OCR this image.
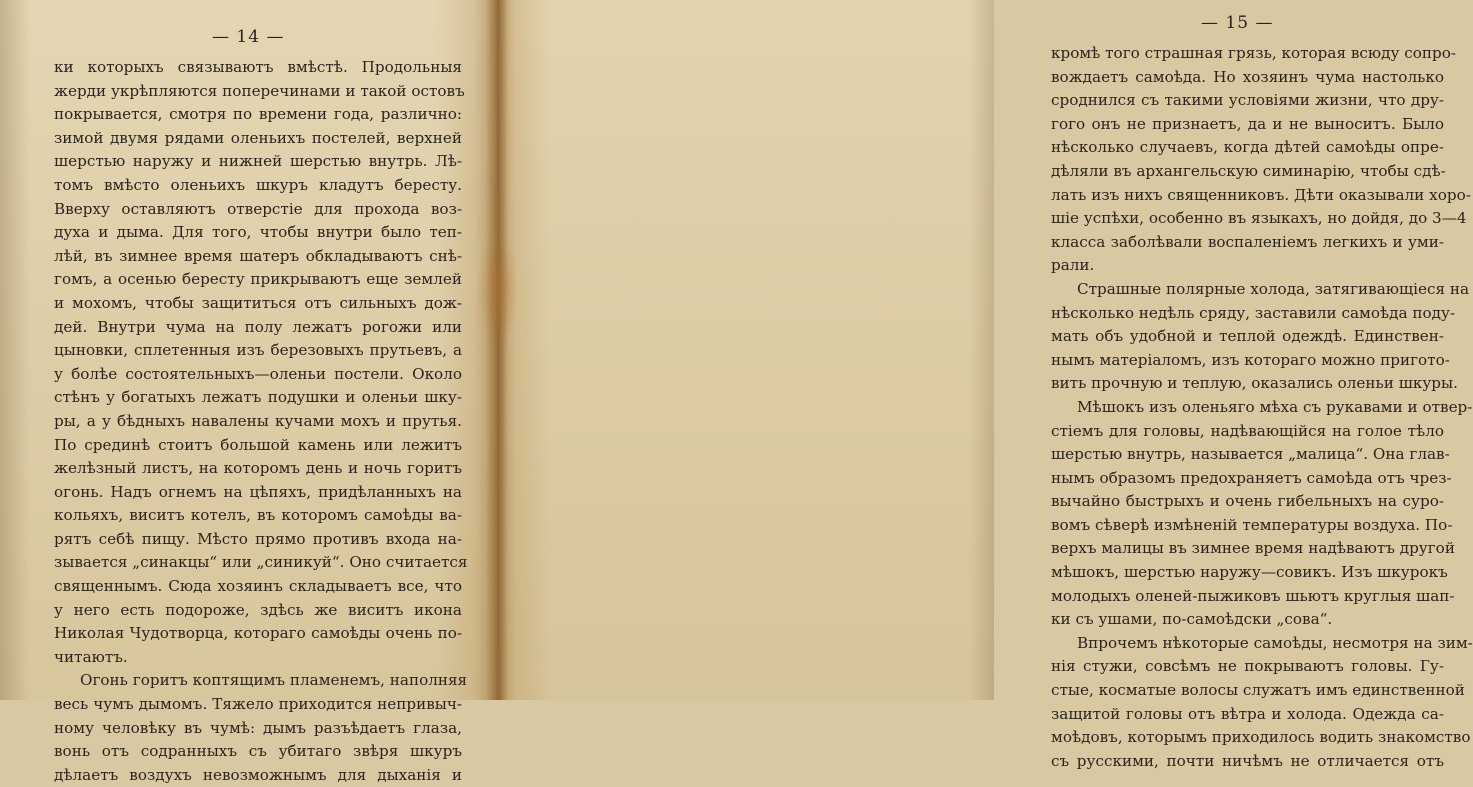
— 14 —
ки которыхъ связываютъ вмѣстѣ. Продольныя
жерди укрѣпляются поперечинами и такой остовъ
покрывается, смотря по времени года, различно:
зимой двумя рядами оленьихъ постелей, верхней
шерстью наружу и нижней шерстью внутрь. Лѣ-
томъ вмѣсто оленьихъ шкуръ кладутъ бересту.
Вверху оставляютъ отверстіе для прохода воз-
духа и дыма. Для того, чтобы внутри было теп-
лѣй, въ зимнее время шатеръ обкладываютъ снѣ-
гомъ, а осенью бересту прикрываютъ еще землей
и мохомъ, чтобы защититься отъ сильныхъ дож-
дей. Внутри чума на полу лежатъ рогожи или
цыновки, сплетенныя изъ березовыхъ прутьевъ, а
у болѣе состоятельныхъ—оленьи постели. Около
стѣнъ у богатыхъ лежатъ подушки и оленьи шку-
ры, а у бѣдныхъ навалены кучами мохъ и прутья.
По срединѣ стоитъ большой камень или лежитъ
желѣзный листъ, на которомъ день и ночь горитъ
огонь. Надъ огнемъ на цѣпяхъ, придѣланныхъ на
кольяхъ, виситъ котелъ, въ которомъ самоѣды ва-
рятъ себѣ пищу. Мѣсто прямо противъ входа на-
зывается „синакцы“ или „синикуй“. Оно считается
священнымъ. Сюда хозяинъ складываетъ все, что
у него есть подороже, здѣсь же виситъ икона
Николая Чудотворца, котораго самоѣды очень по-
читаютъ.
Огонь горитъ коптящимъ пламенемъ, наполняя
весь чумъ дымомъ. Тяжело приходится непривыч-
ному человѣку въ чумѣ: дымъ разъѣдаетъ глаза,
вонь отъ содранныхъ съ убитаго звѣря шкуръ
дѣлаетъ воздухъ невозможнымъ для дыханія и
— 15 —
кромѣ того страшная грязь, которая всюду сопро-
вождаетъ самоѣда. Но хозяинъ чума настолько
сроднился съ такими условіями жизни, что дру-
гого онъ не признаетъ, да и не выноситъ. Было
нѣсколько случаевъ, когда дѣтей самоѣды опре-
дѣляли въ архангельскую симинарію, чтобы сдѣ-
лать изъ нихъ священниковъ. Дѣти оказывали хоро-
шіе успѣхи, особенно въ языкахъ, но дойдя, до 3—4
класса заболѣвали воспаленіемъ легкихъ и уми-
рали.
Страшные полярные холода, затягивающіеся на
нѣсколько недѣль сряду, заставили самоѣда поду-
мать объ удобной и теплой одеждѣ. Единствен-
нымъ матеріаломъ, изъ котораго можно пригото-
вить прочную и теплую, оказались оленьи шкуры.
Мѣшокъ изъ оленьяго мѣха съ рукавами и отвер-
стіемъ для головы, надѣвающійся на голое тѣло
шерстью внутрь, называется „малица“. Она глав-
нымъ образомъ предохраняетъ самоѣда отъ чрез-
вычайно быстрыхъ и очень гибельныхъ на суро-
вомъ сѣверѣ измѣненій температуры воздуха. По-
верхъ малицы въ зимнее время надѣваютъ другой
мѣшокъ, шерстью наружу—совикъ. Изъ шкурокъ
молодыхъ оленей-пыжиковъ шьютъ круглыя шап-
ки съ ушами, по-самоѣдски „сова“.
Впрочемъ нѣкоторые самоѣды, несмотря на зим-
нія стужи, совсѣмъ не покрываютъ головы. Гу-
стые, косматые волосы служатъ имъ единственной
защитой головы отъ вѣтра и холода. Одежда са-
моѣдовъ, которымъ приходилось водить знакомство
съ русскими, почти ничѣмъ не отличается отъ
